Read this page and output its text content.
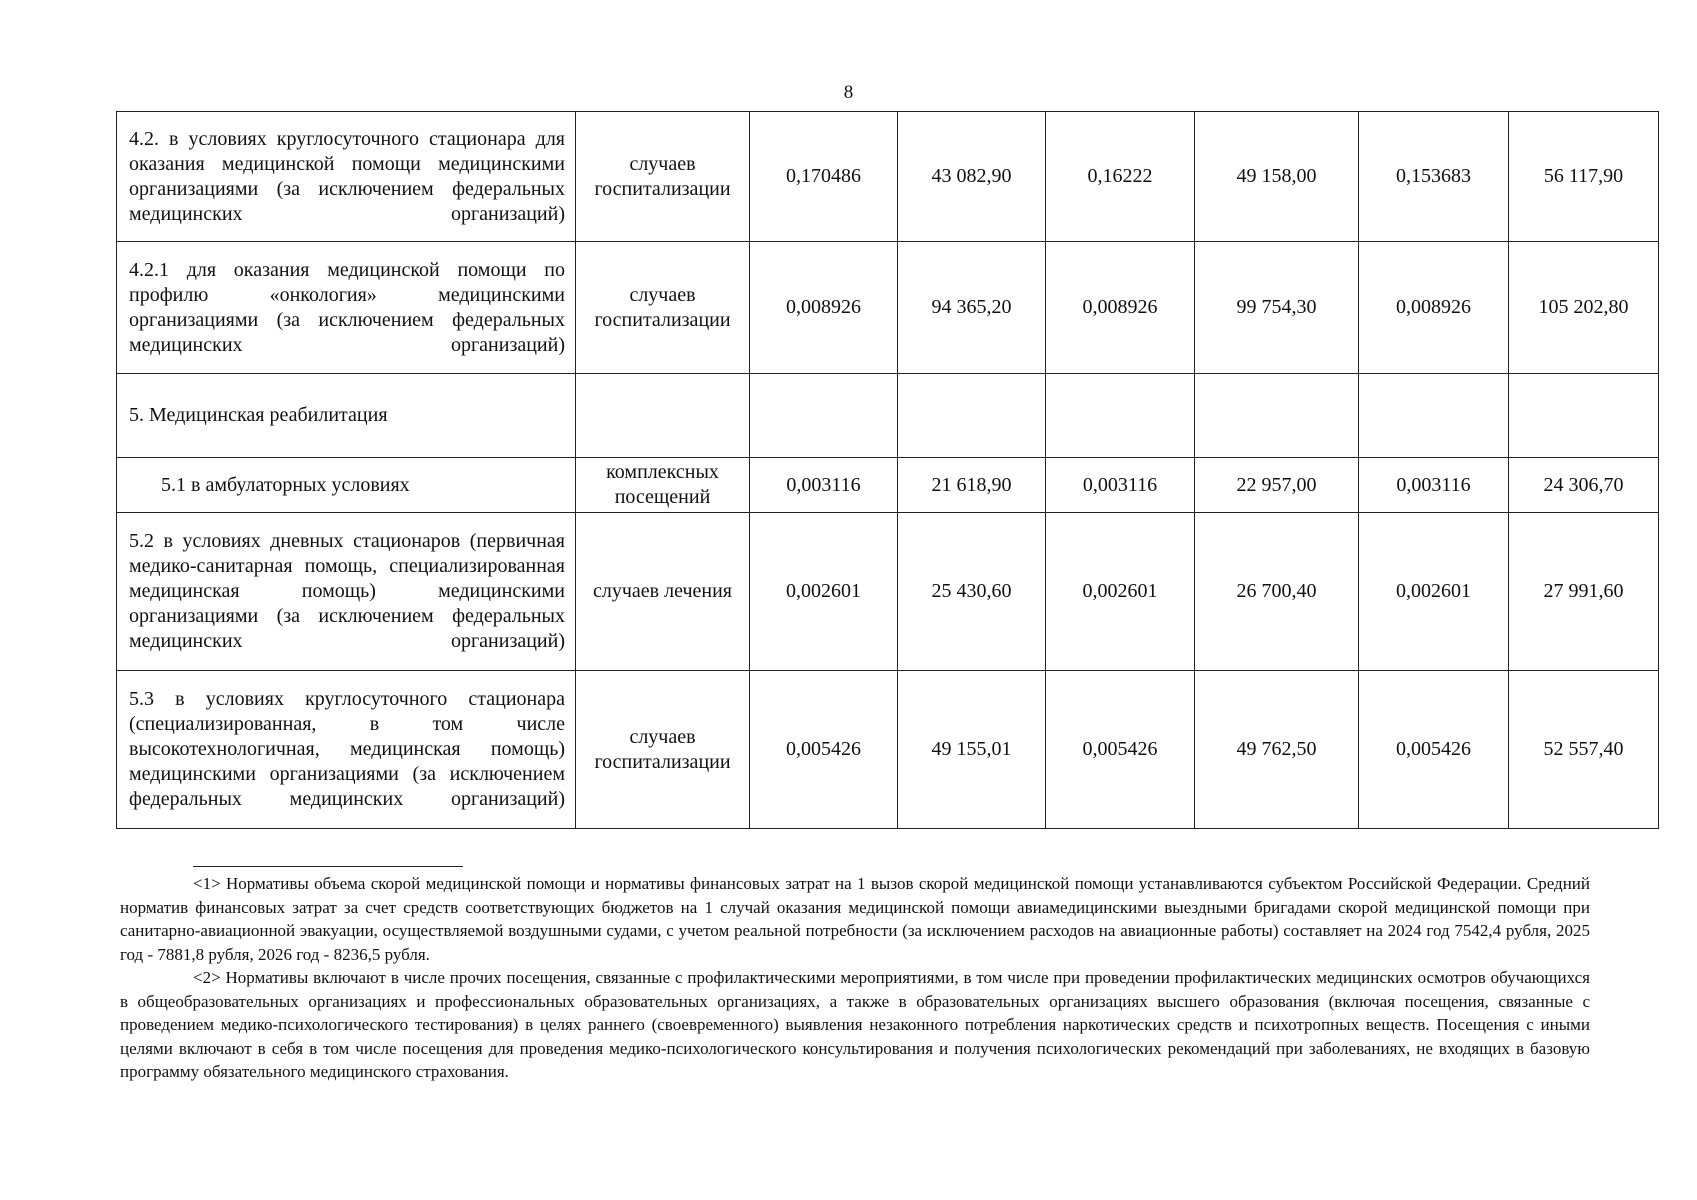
8
4.2. в условиях круглосуточного стационара для оказания медицинской помощи медицинскими организациями (за исключением федеральных медицинских организаций)	случаев госпитализации	0,170486	43 082,90	0,16222	49 158,00	0,153683	56 117,90
4.2.1 для оказания медицинской помощи по профилю «онкология» медицинскими организациями (за исключением федеральных медицинских организаций)	случаев госпитализации	0,008926	94 365,20	0,008926	99 754,30	0,008926	105 202,80
5. Медицинская реабилитация							
5.1 в амбулаторных условиях	комплексных посещений	0,003116	21 618,90	0,003116	22 957,00	0,003116	24 306,70
5.2 в условиях дневных стационаров (первичная медико-санитарная помощь, специализированная медицинская помощь) медицинскими организациями (за исключением федеральных медицинских организаций)	случаев лечения	0,002601	25 430,60	0,002601	26 700,40	0,002601	27 991,60
5.3 в условиях круглосуточного стационара (специализированная, в том числе высокотехнологичная, медицинская помощь) медицинскими организациями (за исключением федеральных медицинских организаций)	случаев госпитализации	0,005426	49 155,01	0,005426	49 762,50	0,005426	52 557,40

<1> Нормативы объема скорой медицинской помощи и нормативы финансовых затрат на 1 вызов скорой медицинской помощи устанавливаются субъектом Российской Федерации. Средний норматив финансовых затрат за счет средств соответствующих бюджетов на 1 случай оказания медицинской помощи авиамедицинскими выездными бригадами скорой медицинской помощи при санитарно-авиационной эвакуации, осуществляемой воздушными судами, с учетом реальной потребности (за исключением расходов на авиационные работы) составляет на 2024 год 7542,4 рубля, 2025 год - 7881,8 рубля, 2026 год - 8236,5 рубля.

<2> Нормативы включают в числе прочих посещения, связанные с профилактическими мероприятиями, в том числе при проведении профилактических медицинских осмотров обучающихся в общеобразовательных организациях и профессиональных образовательных организациях, а также в образовательных организациях высшего образования (включая посещения, связанные с проведением медико-психологического тестирования) в целях раннего (своевременного) выявления незаконного потребления наркотических средств и психотропных веществ. Посещения с иными целями включают в себя в том числе посещения для проведения медико-психологического консультирования и получения психологических рекомендаций при заболеваниях, не входящих в базовую программу обязательного медицинского страхования.
